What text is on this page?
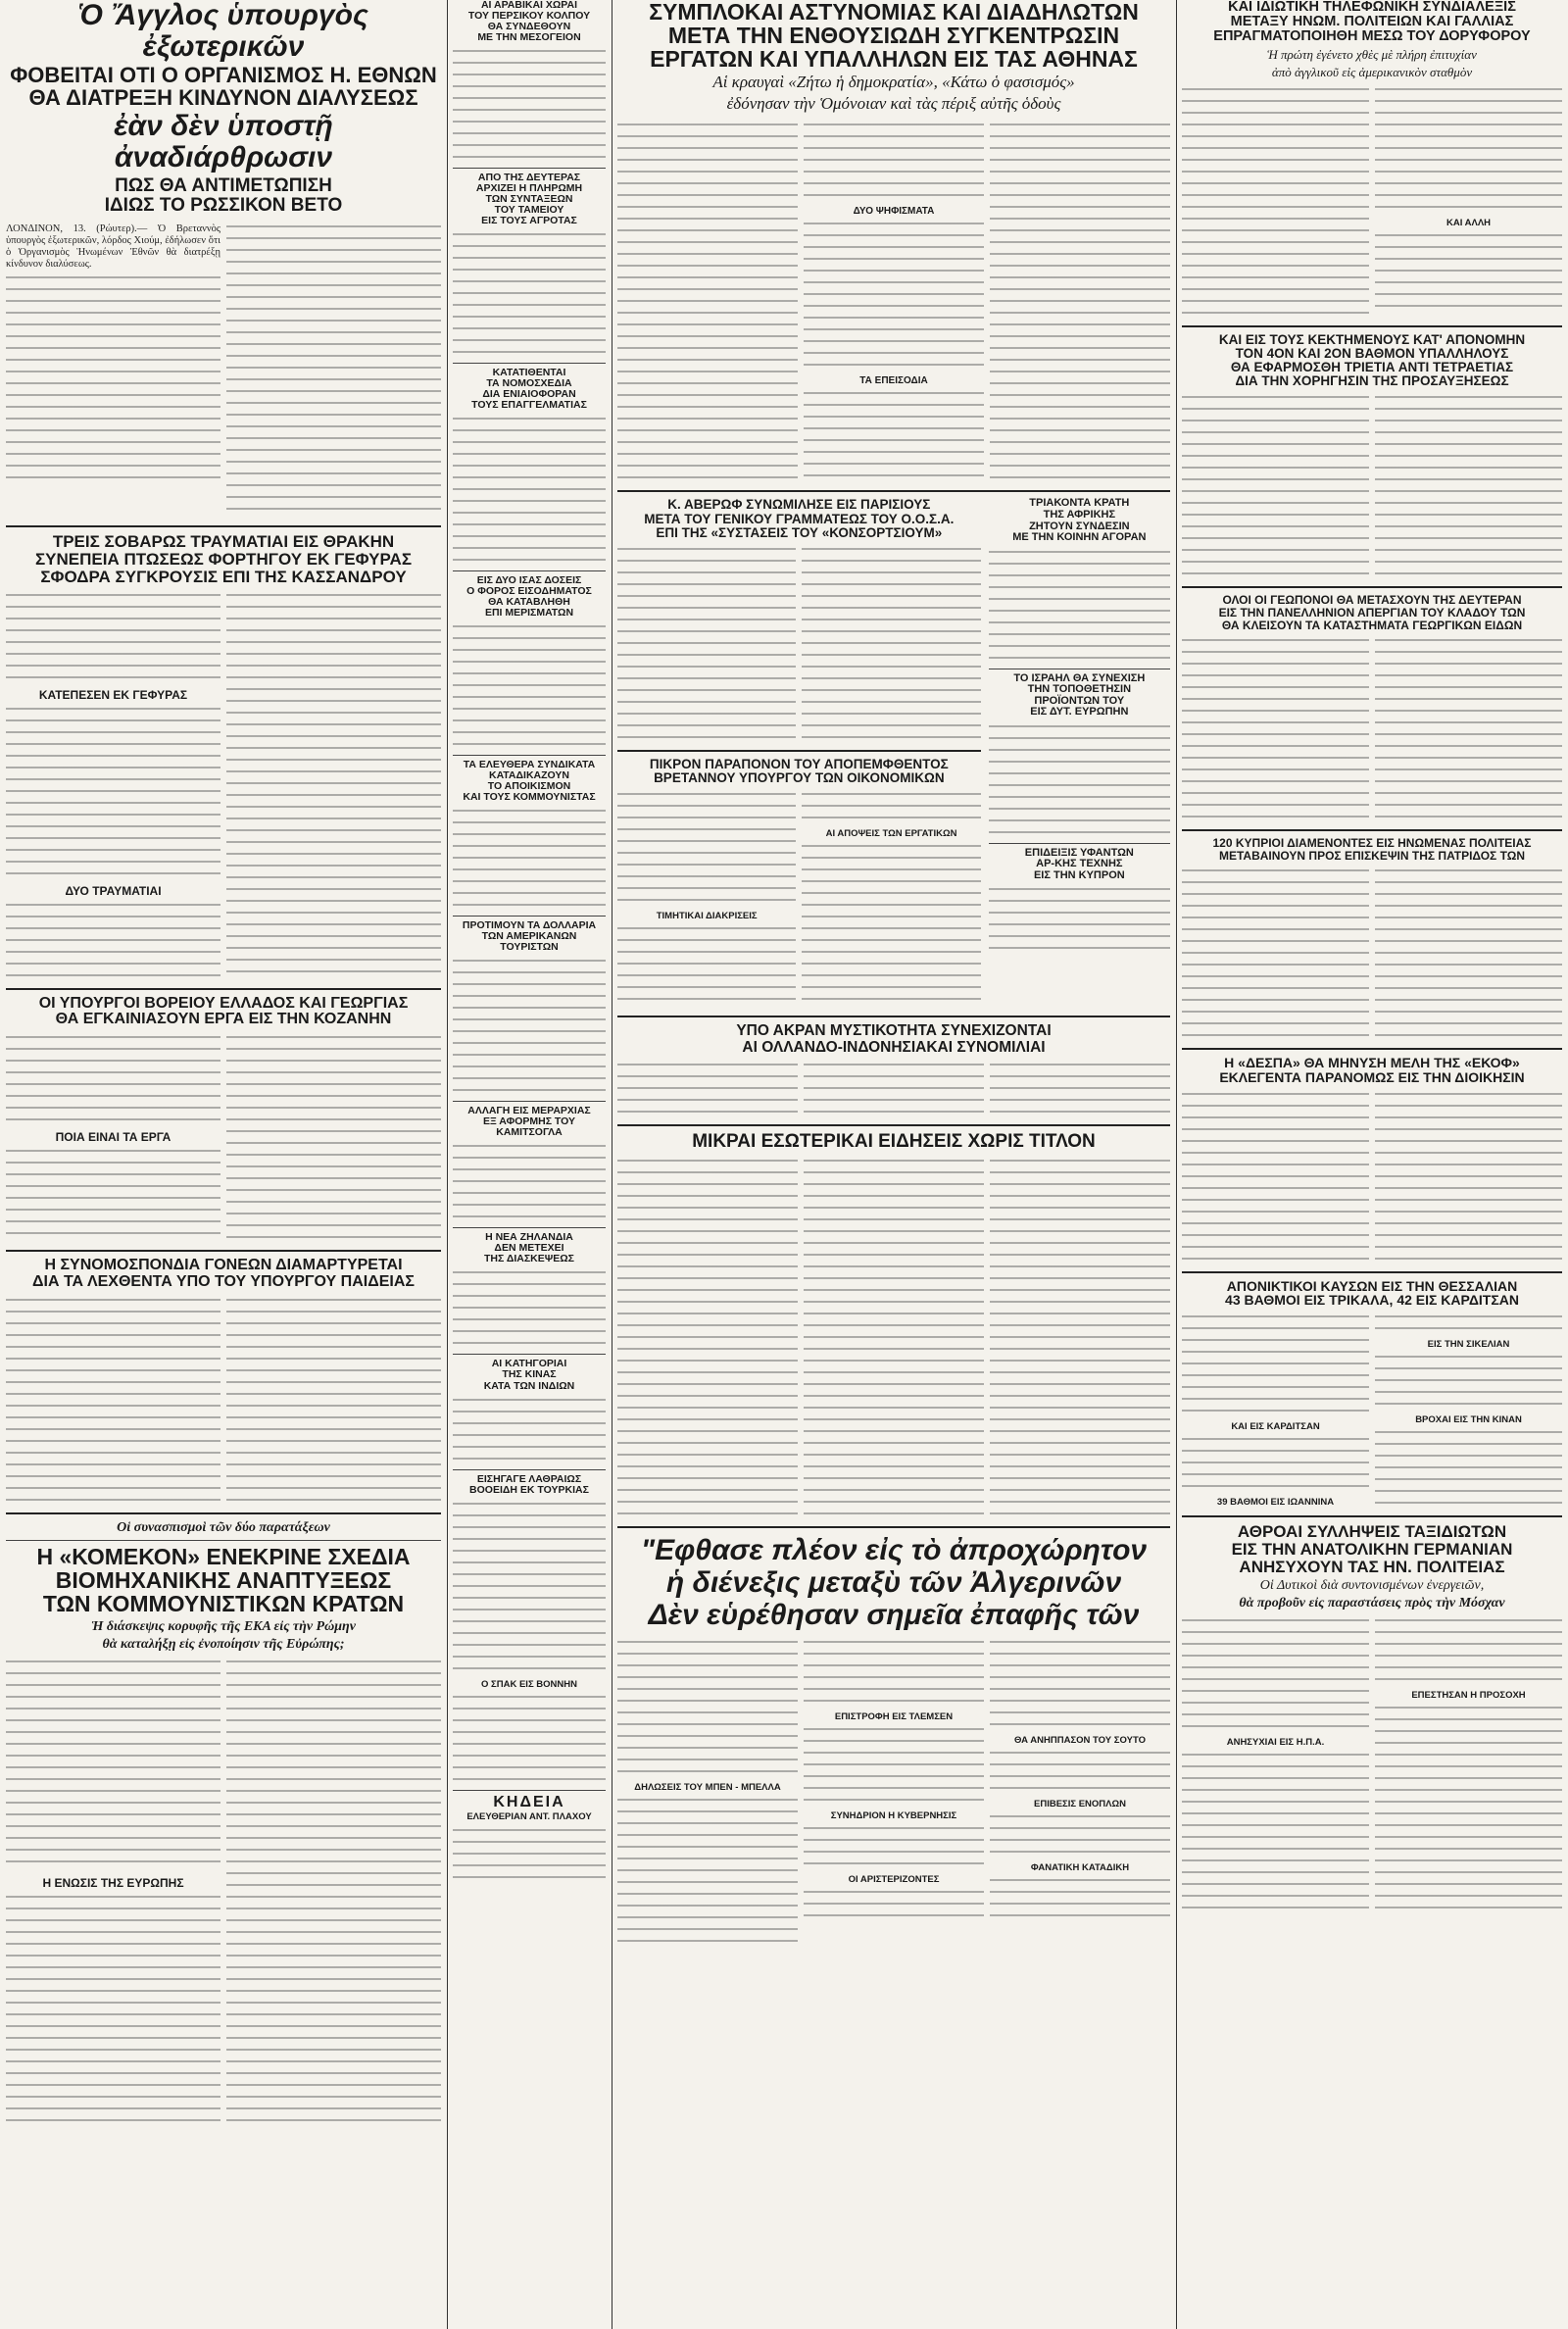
Ὁ Ἄγγλος ὑπουργὸς ἐξωτερικῶν

ΦΟΒΕΙΤΑΙ ΟΤΙ Ο ΟΡΓΑΝΙΣΜΟΣ Η. ΕΘΝΩΝ

ΘΑ ΔΙΑΤΡΕΞΗ ΚΙΝΔΥΝΟΝ ΔΙΑΛΥΣΕΩΣ

ἐὰν δὲν ὑποστῇ ἀναδιάρθρωσιν

ΠΩΣ ΘΑ ΑΝΤΙΜΕΤΩΠΙΣΗ

ΙΔΙΩΣ ΤΟ ΡΩΣΣΙΚΟΝ ΒΕΤΟ

ΛΟΝΔΙΝΟΝ, 13. (Ρώυτερ).— Ὁ Βρεταννὸς ὑπουργὸς ἐξωτερικῶν, λόρδος Χιούμ, ἐδήλωσεν ὅτι ὁ Ὀργανισμὸς Ἡνωμένων Ἐθνῶν θὰ διατρέξῃ κίνδυνον διαλύσεως.

ΤΡΕΙΣ ΣΟΒΑΡΩΣ ΤΡΑΥΜΑΤΙΑΙ ΕΙΣ ΘΡΑΚΗΝ

ΣΥΝΕΠΕΙΑ ΠΤΩΣΕΩΣ ΦΟΡΤΗΓΟΥ ΕΚ ΓΕΦΥΡΑΣ

ΣΦΟΔΡΑ ΣΥΓΚΡΟΥΣΙΣ ΕΠΙ ΤΗΣ ΚΑΣΣΑΝΔΡΟΥ

ΚΑΤΕΠΕΣΕΝ ΕΚ ΓΕΦΥΡΑΣ

ΔΥΟ ΤΡΑΥΜΑΤΙΑΙ

ΟΙ ΥΠΟΥΡΓΟΙ ΒΟΡΕΙΟΥ ΕΛΛΑΔΟΣ ΚΑΙ ΓΕΩΡΓΙΑΣ

ΘΑ ΕΓΚΑΙΝΙΑΣΟΥΝ ΕΡΓΑ ΕΙΣ ΤΗΝ ΚΟΖΑΝΗΝ

ΠΟΙΑ ΕΙΝΑΙ ΤΑ ΕΡΓΑ

Η ΣΥΝΟΜΟΣΠΟΝΔΙΑ ΓΟΝΕΩΝ ΔΙΑΜΑΡΤΥΡΕΤΑΙ

ΔΙΑ ΤΑ ΛΕΧΘΕΝΤΑ ΥΠΟ ΤΟΥ ΥΠΟΥΡΓΟΥ ΠΑΙΔΕΙΑΣ

Οἱ συνασπισμοὶ τῶν δύο παρατάξεων

Η «ΚΟΜΕΚΟΝ» ΕΝΕΚΡΙΝΕ ΣΧΕΔΙΑ

ΒΙΟΜΗΧΑΝΙΚΗΣ ΑΝΑΠΤΥΞΕΩΣ

ΤΩΝ ΚΟΜΜΟΥΝΙΣΤΙΚΩΝ ΚΡΑΤΩΝ

Ἡ διάσκεψις κορυφῆς τῆς ΕΚΑ εἰς τὴν Ρώμην

θὰ καταλήξῃ εἰς ἐνοποίησιν τῆς Εὐρώπης;

Η ΕΝΩΣΙΣ ΤΗΣ ΕΥΡΩΠΗΣ

ΑΙ ΑΡΑΒΙΚΑΙ ΧΩΡΑΙ

ΤΟΥ ΠΕΡΣΙΚΟΥ ΚΟΛΠΟΥ

ΘΑ ΣΥΝΔΕΘΟΥΝ

ΜΕ ΤΗΝ ΜΕΣΟΓΕΙΟΝ

ΑΠΟ ΤΗΣ ΔΕΥΤΕΡΑΣ

ΑΡΧΙΖΕΙ Η ΠΛΗΡΩΜΗ

ΤΩΝ ΣΥΝΤΑΞΕΩΝ

ΤΟΥ ΤΑΜΕΙΟΥ

ΕΙΣ ΤΟΥΣ ΑΓΡΟΤΑΣ

ΚΑΤΑΤΙΘΕΝΤΑΙ

ΤΑ ΝΟΜΟΣΧΕΔΙΑ

ΔΙΑ ΕΝΙΑΙΟΦΟΡΑΝ

ΤΟΥΣ ΕΠΑΓΓΕΛΜΑΤΙΑΣ

ΕΙΣ ΔΥΟ ΙΣΑΣ ΔΟΣΕΙΣ

Ο ΦΟΡΟΣ ΕΙΣΟΔΗΜΑΤΟΣ

ΘΑ ΚΑΤΑΒΛΗΘΗ

ΕΠΙ ΜΕΡΙΣΜΑΤΩΝ

ΤΑ ΕΛΕΥΘΕΡΑ ΣΥΝΔΙΚΑΤΑ

ΚΑΤΑΔΙΚΑΖΟΥΝ

ΤΟ ΑΠΟΙΚΙΣΜΟΝ

ΚΑΙ ΤΟΥΣ ΚΟΜΜΟΥΝΙΣΤΑΣ

ΠΡΟΤΙΜΟΥΝ ΤΑ ΔΟΛΛΑΡΙΑ

ΤΩΝ ΑΜΕΡΙΚΑΝΩΝ

ΤΟΥΡΙΣΤΩΝ

ΑΛΛΑΓΗ ΕΙΣ ΜΕΡΑΡΧΙΑΣ

ΕΞ ΑΦΟΡΜΗΣ ΤΟΥ

ΚΑΜΙΤΣΟΓΛΑ

Η ΝΕΑ ΖΗΛΑΝΔΙΑ

ΔΕΝ ΜΕΤΕΧΕΙ

ΤΗΣ ΔΙΑΣΚΕΨΕΩΣ

ΑΙ ΚΑΤΗΓΟΡΙΑΙ

ΤΗΣ ΚΙΝΑΣ

ΚΑΤΑ ΤΩΝ ΙΝΔΙΩΝ

ΕΙΣΗΓΑΓΕ ΛΑΘΡΑΙΩΣ

ΒΟΟΕΙΔΗ ΕΚ ΤΟΥΡΚΙΑΣ

Ο ΣΠΑΚ ΕΙΣ ΒΟΝΝΗΝ

ΚΗΔΕΙΑ

ΕΛΕΥΘΕΡΙΑΝ ΑΝΤ. ΠΛΑΧΟΥ

ΣΥΜΠΛΟΚΑΙ ΑΣΤΥΝΟΜΙΑΣ ΚΑΙ ΔΙΑΔΗΛΩΤΩΝ

ΜΕΤΑ ΤΗΝ ΕΝΘΟΥΣΙΩΔΗ ΣΥΓΚΕΝΤΡΩΣΙΝ

ΕΡΓΑΤΩΝ ΚΑΙ ΥΠΑΛΛΗΛΩΝ ΕΙΣ ΤΑΣ ΑΘΗΝΑΣ

Αἱ κραυγαὶ «Ζήτω ἡ δημοκρατία», «Κάτω ὁ φασισμός»

ἐδόνησαν τὴν Ὁμόνοιαν καὶ τὰς πέριξ αὐτῆς ὁδοὺς

ΔΥΟ ΨΗΦΙΣΜΑΤΑ

ΤΑ ΕΠΕΙΣΟΔΙΑ

Κ. ΑΒΕΡΩΦ ΣΥΝΩΜΙΛΗΣΕ ΕΙΣ ΠΑΡΙΣΙΟΥΣ

ΜΕΤΑ ΤΟΥ ΓΕΝΙΚΟΥ ΓΡΑΜΜΑΤΕΩΣ ΤΟΥ Ο.Ο.Σ.Α.

ΕΠΙ ΤΗΣ «ΣΥΣΤΑΣΕΙΣ ΤΟΥ «ΚΟΝΣΟΡΤΣΙΟΥΜ»

ΠΙΚΡΟΝ ΠΑΡΑΠΟΝΟΝ ΤΟΥ ΑΠΟΠΕΜΦΘΕΝΤΟΣ

ΒΡΕΤΑΝΝΟΥ ΥΠΟΥΡΓΟΥ ΤΩΝ ΟΙΚΟΝΟΜΙΚΩΝ

ΤΙΜΗΤΙΚΑΙ ΔΙΑΚΡΙΣΕΙΣ

ΑΙ ΑΠΟΨΕΙΣ ΤΩΝ ΕΡΓΑΤΙΚΩΝ

ΤΡΙΑΚΟΝΤΑ ΚΡΑΤΗ

ΤΗΣ ΑΦΡΙΚΗΣ

ΖΗΤΟΥΝ ΣΥΝΔΕΣΙΝ

ΜΕ ΤΗΝ ΚΟΙΝΗΝ ΑΓΟΡΑΝ

ΤΟ ΙΣΡΑΗΛ ΘΑ ΣΥΝΕΧΙΣΗ

ΤΗΝ ΤΟΠΟΘΕΤΗΣΙΝ

ΠΡΟΪΟΝΤΩΝ ΤΟΥ

ΕΙΣ ΔΥΤ. ΕΥΡΩΠΗΝ

ΕΠΙΔΕΙΞΙΣ ΥΦΑΝΤΩΝ

ΑΡ-ΚΗΣ ΤΕΧΝΗΣ

ΕΙΣ ΤΗΝ ΚΥΠΡΟΝ

ΥΠΟ ΑΚΡΑΝ ΜΥΣΤΙΚΟΤΗΤΑ ΣΥΝΕΧΙΖΟΝΤΑΙ

ΑΙ ΟΛΛΑΝΔΟ-ΙΝΔΟΝΗΣΙΑΚΑΙ ΣΥΝΟΜΙΛΙΑΙ

ΜΙΚΡΑΙ ΕΣΩΤΕΡΙΚΑΙ ΕΙΔΗΣΕΙΣ ΧΩΡΙΣ ΤΙΤΛΟΝ

"Εφθασε πλέον εἰς τὸ ἀπροχώρητον

ἡ διένεξις μεταξὺ τῶν Ἀλγερινῶν

Δὲν εὑρέθησαν σημεῖα ἐπαφῆς τῶν

ΔΗΛΩΣΕΙΣ ΤΟΥ ΜΠΕΝ - ΜΠΕΛΛΑ

ΕΠΙΣΤΡΟΦΗ ΕΙΣ ΤΛΕΜΣΕΝ

ΣΥΝΗΔΡΙΟΝ Η ΚΥΒΕΡΝΗΣΙΣ

ΟΙ ΑΡΙΣΤΕΡΙΖΟΝΤΕΣ

ΘΑ ΑΝΗΠΠΑΣΟΝ ΤΟΥ ΣΟΥΤΟ

ΕΠΙΒΕΣΙΣ ΕΝΟΠΛΩΝ

ΦΑΝΑΤΙΚΗ ΚΑΤΑΔΙΚΗ

ΚΑΙ ΙΔΙΩΤΙΚΗ ΤΗΛΕΦΩΝΙΚΗ ΣΥΝΔΙΑΛΕΞΙΣ

ΜΕΤΑΞΥ ΗΝΩΜ. ΠΟΛΙΤΕΙΩΝ ΚΑΙ ΓΑΛΛΙΑΣ

ΕΠΡΑΓΜΑΤΟΠΟΙΗΘΗ ΜΕΣΩ ΤΟΥ ΔΟΡΥΦΟΡΟΥ

Ἡ πρώτη ἐγένετο χθὲς μὲ πλήρη ἐπιτυχίαν

ἀπὸ ἀγγλικοῦ εἰς ἀμερικανικὸν σταθμὸν

ΚΑΙ ΑΛΛΗ

ΚΑΙ ΕΙΣ ΤΟΥΣ ΚΕΚΤΗΜΕΝΟΥΣ ΚΑΤ' ΑΠΟΝΟΜΗΝ

ΤΟΝ 4ΟΝ ΚΑΙ 2ΟΝ ΒΑΘΜΟΝ ΥΠΑΛΛΗΛΟΥΣ

ΘΑ ΕΦΑΡΜΟΣΘΗ ΤΡΙΕΤΙΑ ΑΝΤΙ ΤΕΤΡΑΕΤΙΑΣ

ΔΙΑ ΤΗΝ ΧΟΡΗΓΗΣΙΝ ΤΗΣ ΠΡΟΣΑΥΞΗΣΕΩΣ

ΟΛΟΙ ΟΙ ΓΕΩΠΟΝΟΙ ΘΑ ΜΕΤΑΣΧΟΥΝ ΤΗΣ ΔΕΥΤΕΡΑΝ

ΕΙΣ ΤΗΝ ΠΑΝΕΛΛΗΝΙΟΝ ΑΠΕΡΓΙΑΝ ΤΟΥ ΚΛΑΔΟΥ ΤΩΝ

ΘΑ ΚΛΕΙΣΟΥΝ ΤΑ ΚΑΤΑΣΤΗΜΑΤΑ ΓΕΩΡΓΙΚΩΝ ΕΙΔΩΝ

120 ΚΥΠΡΙΟΙ ΔΙΑΜΕΝΟΝΤΕΣ ΕΙΣ ΗΝΩΜΕΝΑΣ ΠΟΛΙΤΕΙΑΣ

ΜΕΤΑΒΑΙΝΟΥΝ ΠΡΟΣ ΕΠΙΣΚΕΨΙΝ ΤΗΣ ΠΑΤΡΙΔΟΣ ΤΩΝ

Η «ΔΕΣΠΑ» ΘΑ ΜΗΝΥΣΗ ΜΕΛΗ ΤΗΣ «ΕΚΟΦ»

ΕΚΛΕΓΕΝΤΑ ΠΑΡΑΝΟΜΩΣ ΕΙΣ ΤΗΝ ΔΙΟΙΚΗΣΙΝ

ΑΠΟΝΙΚΤΙΚΟΙ ΚΑΥΣΩΝ ΕΙΣ ΤΗΝ ΘΕΣΣΑΛΙΑΝ

43 ΒΑΘΜΟΙ ΕΙΣ ΤΡΙΚΑΛΑ, 42 ΕΙΣ ΚΑΡΔΙΤΣΑΝ

ΚΑΙ ΕΙΣ ΚΑΡΔΙΤΣΑΝ

39 ΒΑΘΜΟΙ ΕΙΣ ΙΩΑΝΝΙΝΑ

ΕΙΣ ΤΗΝ ΣΙΚΕΛΙΑΝ

ΒΡΟΧΑΙ ΕΙΣ ΤΗΝ ΚΙΝΑΝ

ΑΘΡΟΑΙ ΣΥΛΛΗΨΕΙΣ ΤΑΞΙΔΙΩΤΩΝ

ΕΙΣ ΤΗΝ ΑΝΑΤΟΛΙΚΗΝ ΓΕΡΜΑΝΙΑΝ

ΑΝΗΣΥΧΟΥΝ ΤΑΣ ΗΝ. ΠΟΛΙΤΕΙΑΣ

Οἱ Δυτικοὶ διὰ συντονισμένων ἐνεργειῶν,

θὰ προβοῦν εἰς παραστάσεις πρὸς τὴν Μόσχαν

ΑΝΗΣΥΧΙΑΙ ΕΙΣ Η.Π.Α.

ΕΠΕΣΤΗΣΑΝ Η ΠΡΟΣΟΧΗ
